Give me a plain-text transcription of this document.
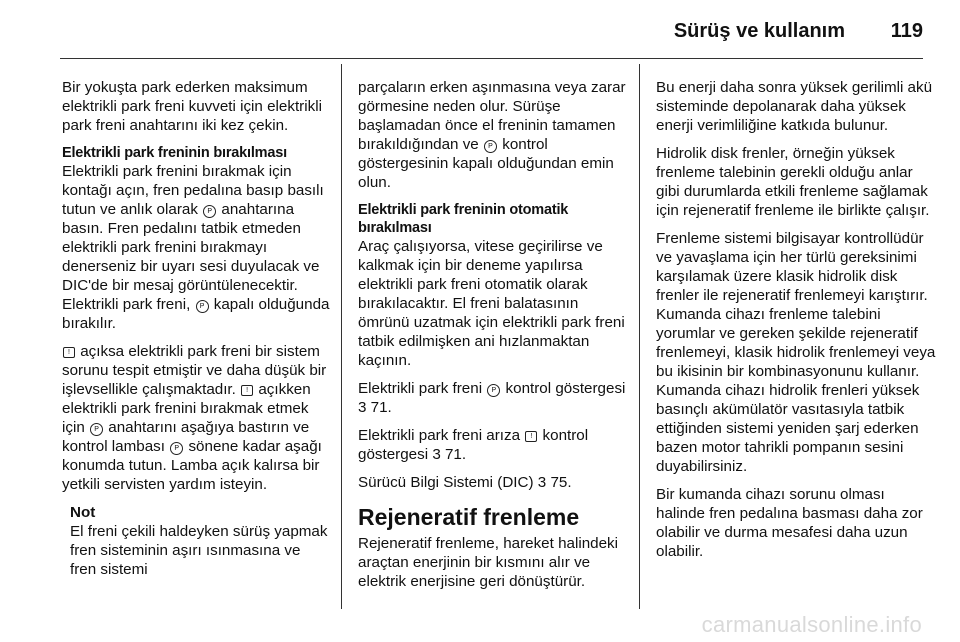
Sürüş ve kullanım 119

Bir yokuşta park ederken maksimum elektrikli park freni kuvveti için elektrikli park freni anahtarını iki kez çekin.

Elektrikli park freninin bırakılması

Elektrikli park frenini bırakmak için kontağı açın, fren pedalına basıp basılı tutun ve anlık olarak P anahtarına basın. Fren pedalını tatbik etmeden elektrikli park frenini bırakmayı denerseniz bir uyarı sesi duyulacak ve DIC'de bir mesaj görüntülenecektir. Elektrikli park freni, P kapalı olduğunda bırakılır.

! açıksa elektrikli park freni bir sistem sorunu tespit etmiştir ve daha düşük bir işlevsellikle çalışmaktadır. ! açıkken elektrikli park frenini bırakmak etmek için P anahtarını aşağıya bastırın ve kontrol lambası P sönene kadar aşağı konumda tutun. Lamba açık kalırsa bir yetkili servisten yardım isteyin.

Not
El freni çekili haldeyken sürüş yapmak fren sisteminin aşırı ısınmasına ve fren sistemi

parçaların erken aşınmasına veya zarar görmesine neden olur. Sürüşe başlamadan önce el freninin tamamen bırakıldığından ve P kontrol göstergesinin kapalı olduğundan emin olun.

Elektrikli park freninin otomatik bırakılması

Araç çalışıyorsa, vitese geçirilirse ve kalkmak için bir deneme yapılırsa elektrikli park freni otomatik olarak bırakılacaktır. El freni balatasının ömrünü uzatmak için elektrikli park freni tatbik edilmişken ani hızlanmaktan kaçının.

Elektrikli park freni P kontrol göstergesi 3 71.

Elektrikli park freni arıza ! kontrol göstergesi 3 71.

Sürücü Bilgi Sistemi (DIC) 3 75.

Rejeneratif frenleme

Rejeneratif frenleme, hareket halindeki araçtan enerjinin bir kısmını alır ve elektrik enerjisine geri dönüştürür.

Bu enerji daha sonra yüksek gerilimli akü sisteminde depolanarak daha yüksek enerji verimliliğine katkıda bulunur.

Hidrolik disk frenler, örneğin yüksek frenleme talebinin gerekli olduğu anlar gibi durumlarda etkili frenleme sağlamak için rejeneratif frenleme ile birlikte çalışır.

Frenleme sistemi bilgisayar kontrollüdür ve yavaşlama için her türlü gereksinimi karşılamak üzere klasik hidrolik disk frenler ile rejeneratif frenlemeyi karıştırır. Kumanda cihazı frenleme talebini yorumlar ve gereken şekilde rejeneratif frenlemeyi, klasik hidrolik frenlemeyi veya bu ikisinin bir kombinasyonunu kullanır. Kumanda cihazı hidrolik frenleri yüksek basınçlı akümülatör vasıtasıyla tatbik ettiğinden sistemi yeniden şarj ederken bazen motor tahrikli pompanın sesini duyabilirsiniz.

Bir kumanda cihazı sorunu olması halinde fren pedalına basması daha zor olabilir ve durma mesafesi daha uzun olabilir.

carmanualsonline.info
